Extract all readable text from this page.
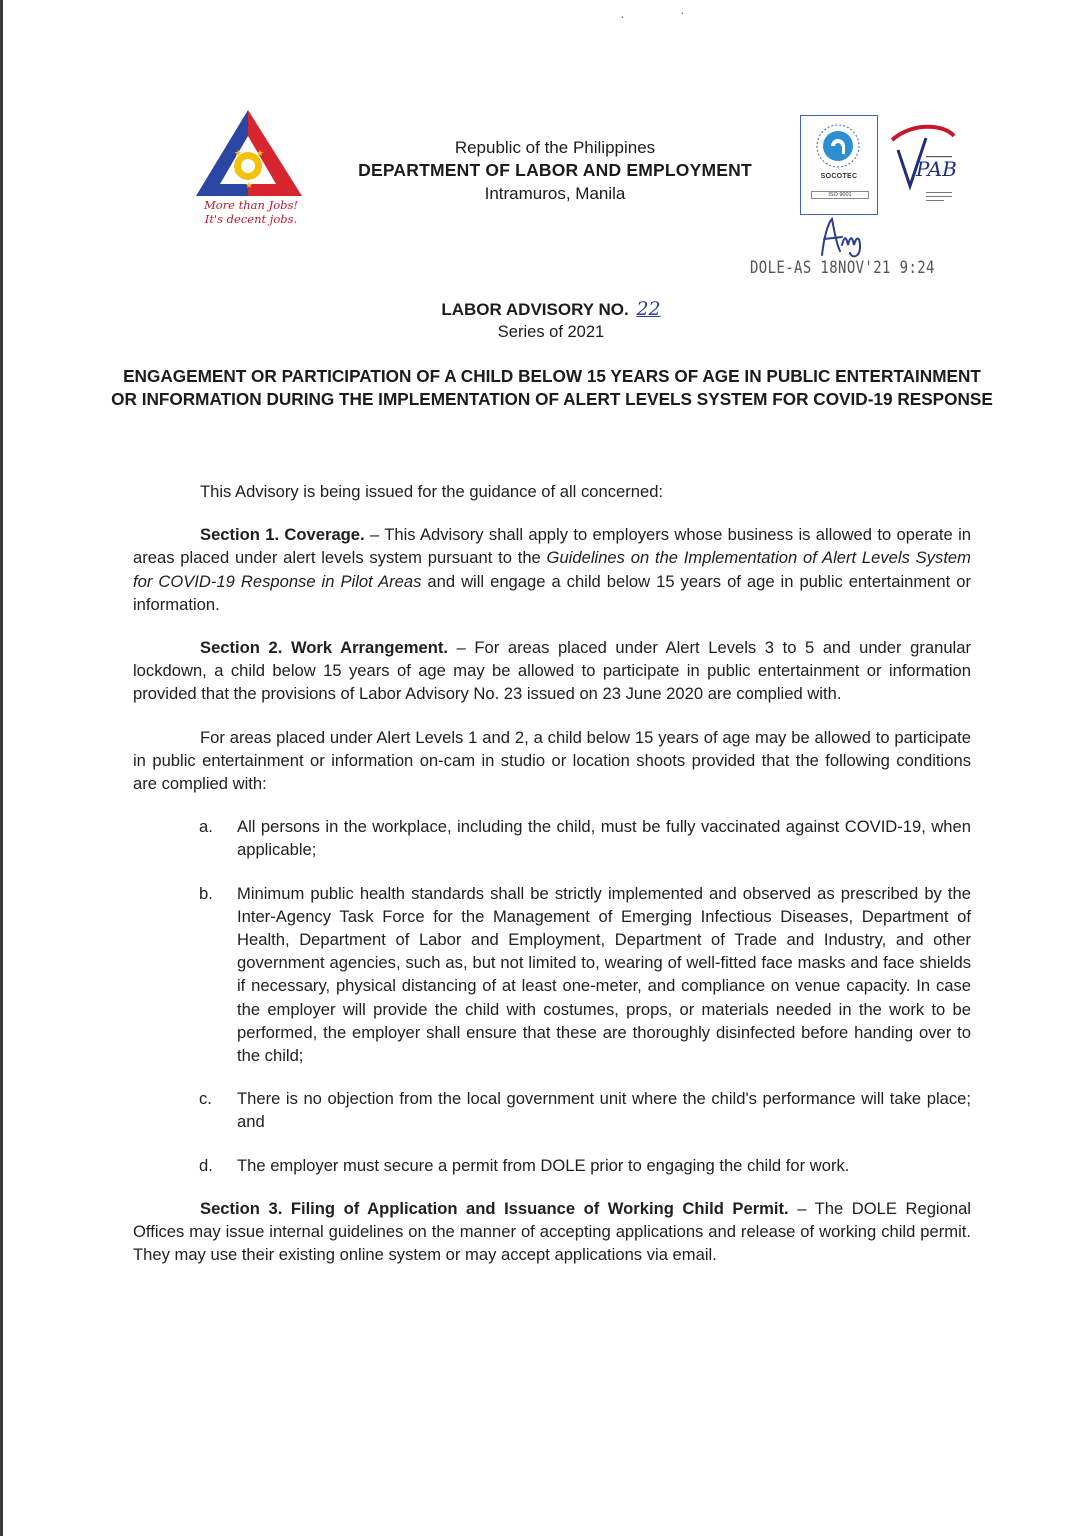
·	·
★ ★
★
More than Jobs!
It's decent jobs.
Republic of the Philippines
DEPARTMENT OF LABOR AND EMPLOYMENT
Intramuros, Manila
SOCOTEC
ISO 9001
PAB
DOLE-AS 18NOV'21 9:24
LABOR ADVISORY NO. 22
Series of 2021
ENGAGEMENT OR PARTICIPATION OF A CHILD BELOW 15 YEARS OF AGE IN PUBLIC ENTERTAINMENT OR INFORMATION DURING THE IMPLEMENTATION OF ALERT LEVELS SYSTEM FOR COVID-19 RESPONSE

This Advisory is being issued for the guidance of all concerned:

Section 1. Coverage. – This Advisory shall apply to employers whose business is allowed to operate in areas placed under alert levels system pursuant to the Guidelines on the Implementation of Alert Levels System for COVID-19 Response in Pilot Areas and will engage a child below 15 years of age in public entertainment or information.

Section 2. Work Arrangement. – For areas placed under Alert Levels 3 to 5 and under granular lockdown, a child below 15 years of age may be allowed to participate in public entertainment or information provided that the provisions of Labor Advisory No. 23 issued on 23 June 2020 are complied with.

For areas placed under Alert Levels 1 and 2, a child below 15 years of age may be allowed to participate in public entertainment or information on-cam in studio or location shoots provided that the following conditions are complied with:

a.	All persons in the workplace, including the child, must be fully vaccinated against COVID-19, when applicable;
b.	Minimum public health standards shall be strictly implemented and observed as prescribed by the Inter-Agency Task Force for the Management of Emerging Infectious Diseases, Department of Health, Department of Labor and Employment, Department of Trade and Industry, and other government agencies, such as, but not limited to, wearing of well-fitted face masks and face shields if necessary, physical distancing of at least one-meter, and compliance on venue capacity. In case the employer will provide the child with costumes, props, or materials needed in the work to be performed, the employer shall ensure that these are thoroughly disinfected before handing over to the child;
c.	There is no objection from the local government unit where the child's performance will take place; and
d.	The employer must secure a permit from DOLE prior to engaging the child for work.

Section 3. Filing of Application and Issuance of Working Child Permit. – The DOLE Regional Offices may issue internal guidelines on the manner of accepting applications and release of working child permit. They may use their existing online system or may accept applications via email.
